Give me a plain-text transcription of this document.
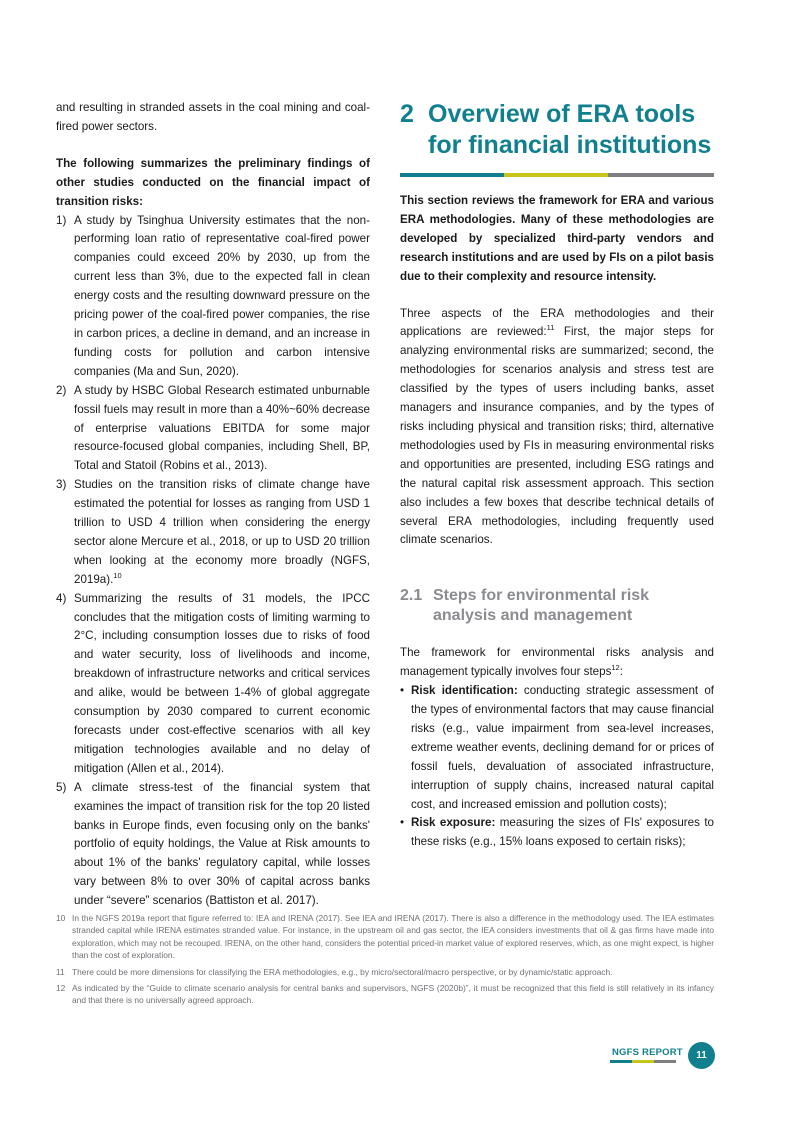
and resulting in stranded assets in the coal mining and coal-fired power sectors.

The following summarizes the preliminary findings of other studies conducted on the financial impact of transition risks:

1) A study by Tsinghua University estimates that the non-performing loan ratio of representative coal-fired power companies could exceed 20% by 2030, up from the current less than 3%, due to the expected fall in clean energy costs and the resulting downward pressure on the pricing power of the coal-fired power companies, the rise in carbon prices, a decline in demand, and an increase in funding costs for pollution and carbon intensive companies (Ma and Sun, 2020).
2) A study by HSBC Global Research estimated unburnable fossil fuels may result in more than a 40%~60% decrease of enterprise valuations EBITDA for some major resource-focused global companies, including Shell, BP, Total and Statoil (Robins et al., 2013).
3) Studies on the transition risks of climate change have estimated the potential for losses as ranging from USD 1 trillion to USD 4 trillion when considering the energy sector alone Mercure et al., 2018, or up to USD 20 trillion when looking at the economy more broadly (NGFS, 2019a).$^{10}$
4) Summarizing the results of 31 models, the IPCC concludes that the mitigation costs of limiting warming to 2°C, including consumption losses due to risks of food and water security, loss of livelihoods and income, breakdown of infrastructure networks and critical services and alike, would be between 1-4% of global aggregate consumption by 2030 compared to current economic forecasts under cost-effective scenarios with all key mitigation technologies available and no delay of mitigation (Allen et al., 2014).
5) A climate stress-test of the financial system that examines the impact of transition risk for the top 20 listed banks in Europe finds, even focusing only on the banks' portfolio of equity holdings, the Value at Risk amounts to about 1% of the banks' regulatory capital, while losses vary between 8% to over 30% of capital across banks under “severe” scenarios (Battiston et al. 2017).
2 Overview of ERA tools
for financial institutions

This section reviews the framework for ERA and various ERA methodologies. Many of these methodologies are developed by specialized third-party vendors and research institutions and are used by FIs on a pilot basis due to their complexity and resource intensity.

Three aspects of the ERA methodologies and their applications are reviewed:$^{11}$ First, the major steps for analyzing environmental risks are summarized; second, the methodologies for scenarios analysis and stress test are classified by the types of users including banks, asset managers and insurance companies, and by the types of risks including physical and transition risks; third, alternative methodologies used by FIs in measuring environmental risks and opportunities are presented, including ESG ratings and the natural capital risk assessment approach. This section also includes a few boxes that describe technical details of several ERA methodologies, including frequently used climate scenarios.

2.1 Steps for environmental risk
analysis and management

The framework for environmental risks analysis and management typically involves four steps$^{12}$:

• Risk identification: conducting strategic assessment of the types of environmental factors that may cause financial risks (e.g., value impairment from sea-level increases, extreme weather events, declining demand for or prices of fossil fuels, devaluation of associated infrastructure, interruption of supply chains, increased natural capital cost, and increased emission and pollution costs);
• Risk exposure: measuring the sizes of FIs' exposures to these risks (e.g., 15% loans exposed to certain risks);
10 In the NGFS 2019a report that figure referred to: IEA and IRENA (2017). See IEA and IRENA (2017). There is also a difference in the methodology used. The IEA estimates stranded capital while IRENA estimates stranded value. For instance, in the upstream oil and gas sector, the IEA considers investments that oil & gas firms have made into exploration, which may not be recouped. IRENA, on the other hand, considers the potential priced-in market value of explored reserves, which, as one might expect, is higher than the cost of exploration.
11 There could be more dimensions for classifying the ERA methodologies, e.g., by micro/sectoral/macro perspective, or by dynamic/static approach.
12 As indicated by the “Guide to climate scenario analysis for central banks and supervisors, NGFS (2020b)”, it must be recognized that this field is still relatively in its infancy and that there is no universally agreed approach.
NGFS REPORT	11
